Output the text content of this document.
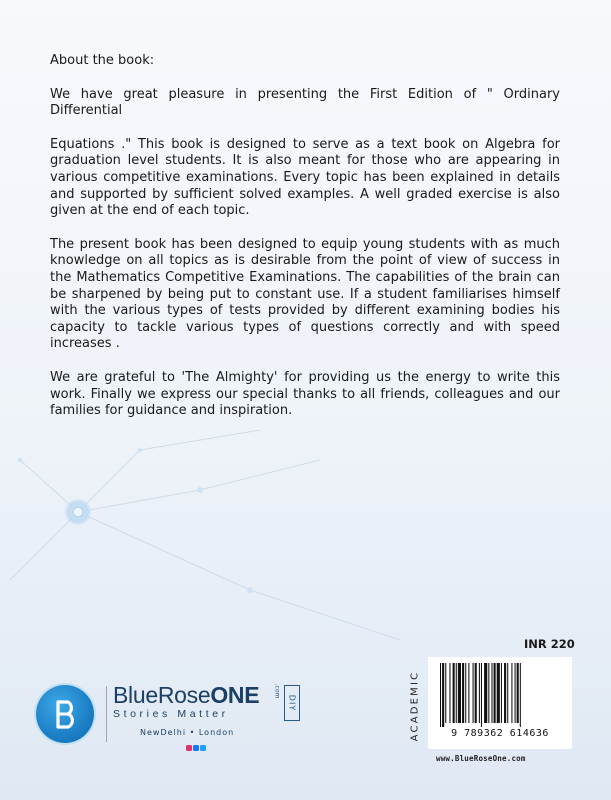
About the book:

We have great pleasure in presenting the First Edition of " Ordinary Differential

Equations ." This book is designed to serve as a text book on Algebra for graduation level students. It is also meant for those who are appearing in various competitive examinations. Every topic has been explained in details and supported by sufficient solved examples. A well graded exercise is also given at the end of each topic.

The present book has been designed to equip young students with as much knowledge on all topics as is desirable from the point of view of success in the Mathematics Competitive Examinations. The capabilities of the brain can be sharpened by being put to constant use. If a student familiarises himself with the various types of tests provided by different examining bodies his capacity to tackle various types of questions correctly and with speed increases .

We are grateful to 'The Almighty' for providing us the energy to write this work. Finally we express our special thanks to all friends, colleagues and our families for guidance and inspiration.

INR 220
ACADEMIC	9 789362 614636
www.BlueRoseOne.com
BlueRoseONE .com
DIY
Stories Matter
NewDelhi • London
